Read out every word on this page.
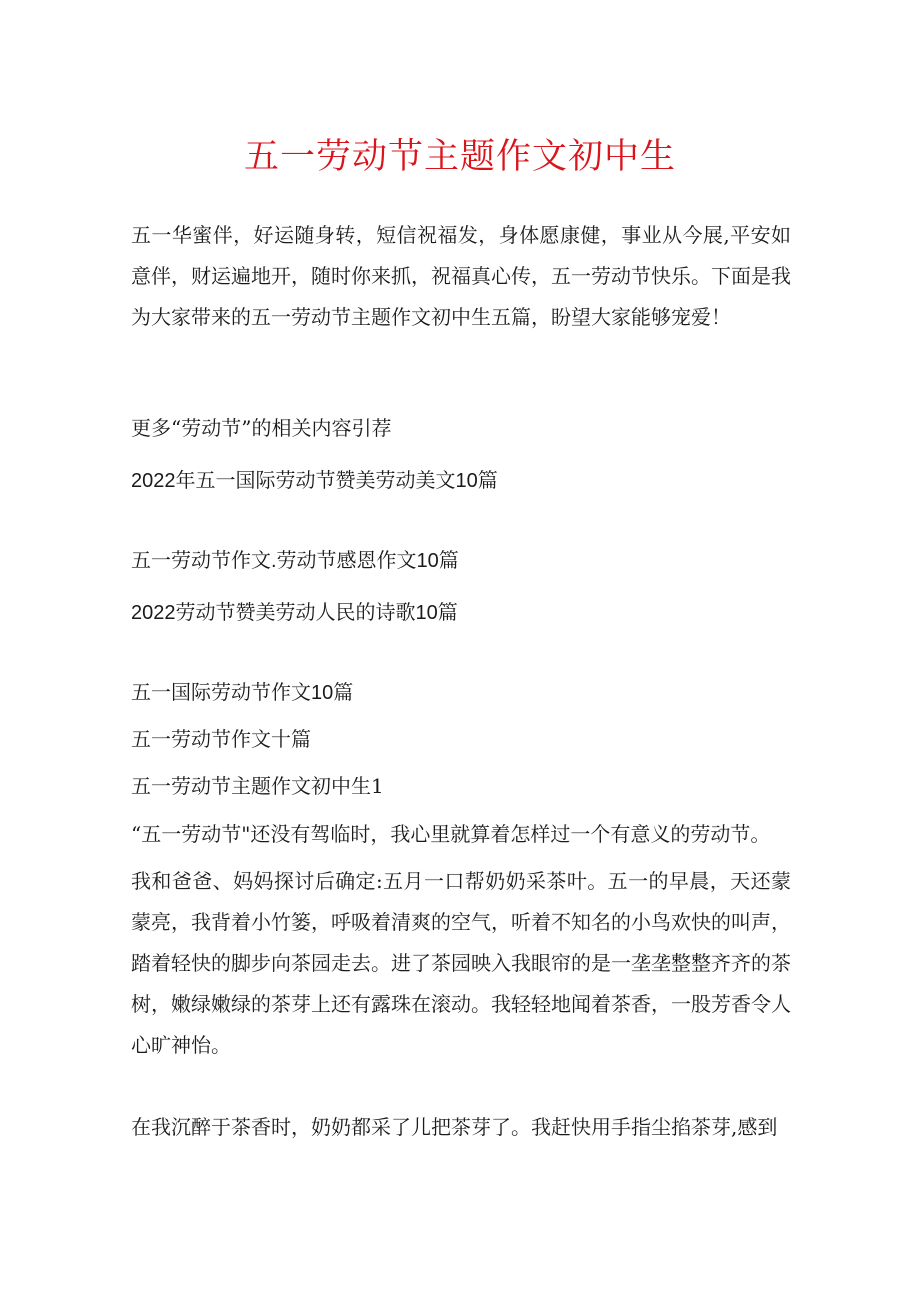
五一劳动节主题作文初中生

五一华蜜伴，好运随身转，短信祝福发，身体愿康健，事业从今展,平安如意伴，财运遍地开，随时你来抓，祝福真心传，五一劳动节快乐。下面是我为大家带来的五一劳动节主题作文初中生五篇，盼望大家能够宠爱！

更多“劳动节”的相关内容引荐

2022年五一国际劳动节赞美劳动美文10篇

五一劳动节作文.劳动节感恩作文10篇

2022劳动节赞美劳动人民的诗歌10篇

五一国际劳动节作文10篇

五一劳动节作文十篇

五一劳动节主题作文初中生1

“五一劳动节"还没有驾临时，我心里就算着怎样过一个有意义的劳动节。

我和爸爸、妈妈探讨后确定:五月一口帮奶奶采茶叶。五一的早晨，天还蒙蒙亮，我背着小竹篓，呼吸着清爽的空气，听着不知名的小鸟欢快的叫声，踏着轻快的脚步向茶园走去。进了茶园映入我眼帘的是一垄垄整整齐齐的茶树，嫩绿嫩绿的茶芽上还有露珠在滚动。我轻轻地闻着茶香，一股芳香令人心旷神怡。

在我沉醉于茶香时，奶奶都采了儿把茶芽了。我赶快用手指尘掐茶芽,感到
